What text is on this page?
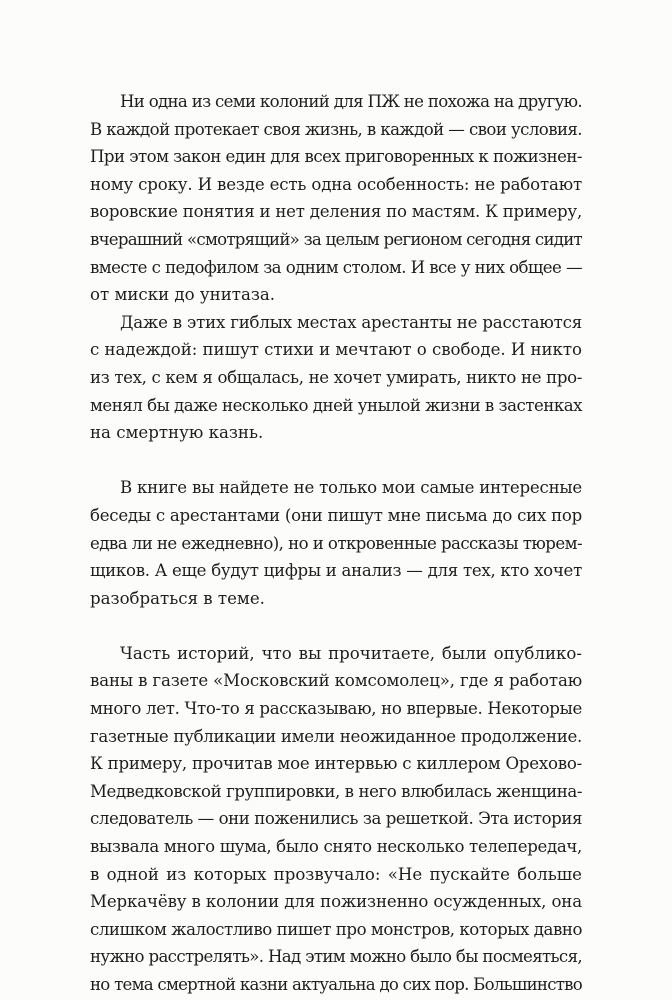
Ни одна из семи колоний для ПЖ не похожа на другую.
В каждой протекает своя жизнь, в каждой — свои условия.
При этом закон един для всех приговоренных к пожизнен-
ному сроку. И везде есть одна особенность: не работают
воровские понятия и нет деления по мастям. К примеру,
вчерашний «смотрящий» за целым регионом сегодня сидит
вместе с педофилом за одним столом. И все у них общее —
от миски до унитаза.

Даже в этих гиблых местах арестанты не расстаются
с надеждой: пишут стихи и мечтают о свободе. И никто
из тех, с кем я общалась, не хочет умирать, никто не про-
менял бы даже несколько дней унылой жизни в застенках
на смертную казнь.

В книге вы найдете не только мои самые интересные
беседы с арестантами (они пишут мне письма до сих пор
едва ли не ежедневно), но и откровенные рассказы тюрем-
щиков. А еще будут цифры и анализ — для тех, кто хочет
разобраться в теме.

Часть историй, что вы прочитаете, были опублико-
ваны в газете «Московский комсомолец», где я работаю
много лет. Что-то я рассказываю, но впервые. Некоторые
газетные публикации имели неожиданное продолжение.
К примеру, прочитав мое интервью с киллером Орехово-
Медведковской группировки, в него влюбилась женщина-
следователь — они поженились за решеткой. Эта история
вызвала много шума, было снято несколько телепередач,
в одной из которых прозвучало: «Не пускайте больше
Меркачёву в колонии для пожизненно осужденных, она
слишком жалостливо пишет про монстров, которых давно
нужно расстрелять». Над этим можно было бы посмеяться,
но тема смертной казни актуальна до сих пор. Большинство
